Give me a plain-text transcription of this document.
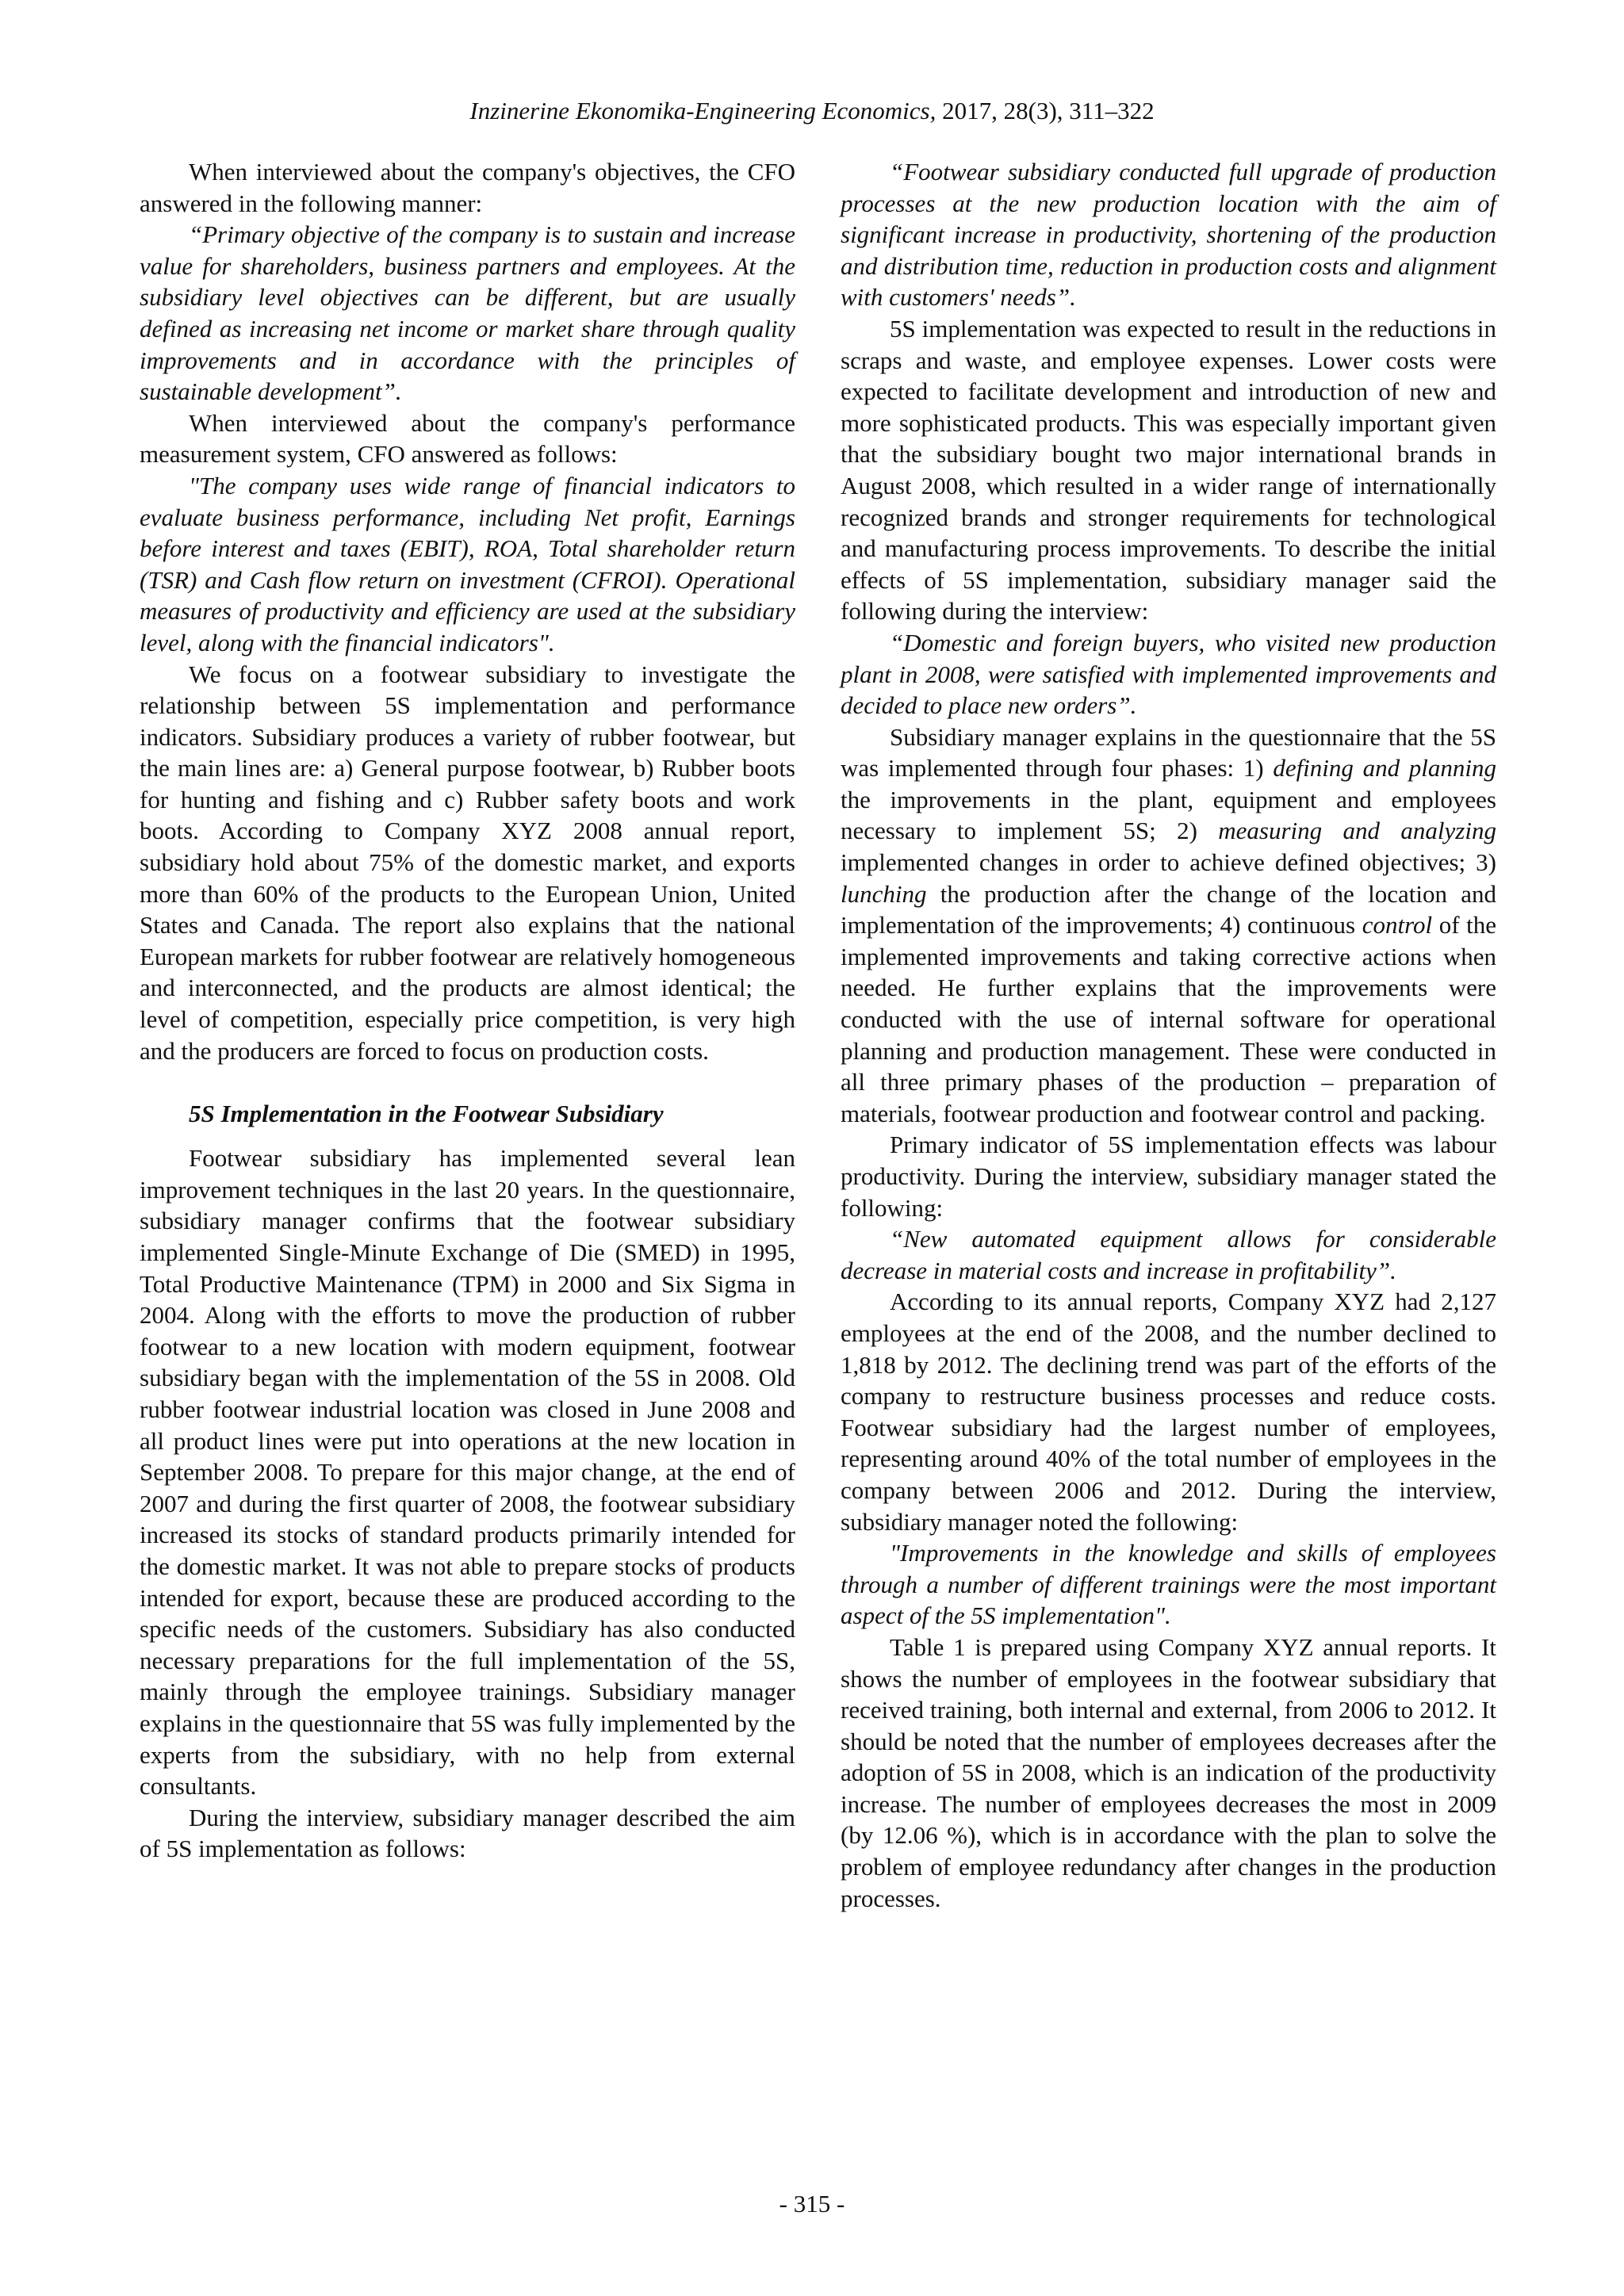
Inzinerine Ekonomika-Engineering Economics, 2017, 28(3), 311–322

When interviewed about the company's objectives, the CFO answered in the following manner:

“Primary objective of the company is to sustain and increase value for shareholders, business partners and employees. At the subsidiary level objectives can be different, but are usually defined as increasing net income or market share through quality improvements and in accordance with the principles of sustainable development”.

When interviewed about the company's performance measurement system, CFO answered as follows:

"The company uses wide range of financial indicators to evaluate business performance, including Net profit, Earnings before interest and taxes (EBIT), ROA, Total shareholder return (TSR) and Cash flow return on investment (CFROI). Operational measures of productivity and efficiency are used at the subsidiary level, along with the financial indicators".

We focus on a footwear subsidiary to investigate the relationship between 5S implementation and performance indicators. Subsidiary produces a variety of rubber footwear, but the main lines are: a) General purpose footwear, b) Rubber boots for hunting and fishing and c) Rubber safety boots and work boots. According to Company XYZ 2008 annual report, subsidiary hold about 75% of the domestic market, and exports more than 60% of the products to the European Union, United States and Canada. The report also explains that the national European markets for rubber footwear are relatively homogeneous and interconnected, and the products are almost identical; the level of competition, especially price competition, is very high and the producers are forced to focus on production costs.

5S Implementation in the Footwear Subsidiary

Footwear subsidiary has implemented several lean improvement techniques in the last 20 years. In the questionnaire, subsidiary manager confirms that the footwear subsidiary implemented Single-Minute Exchange of Die (SMED) in 1995, Total Productive Maintenance (TPM) in 2000 and Six Sigma in 2004. Along with the efforts to move the production of rubber footwear to a new location with modern equipment, footwear subsidiary began with the implementation of the 5S in 2008. Old rubber footwear industrial location was closed in June 2008 and all product lines were put into operations at the new location in September 2008. To prepare for this major change, at the end of 2007 and during the first quarter of 2008, the footwear subsidiary increased its stocks of standard products primarily intended for the domestic market. It was not able to prepare stocks of products intended for export, because these are produced according to the specific needs of the customers. Subsidiary has also conducted necessary preparations for the full implementation of the 5S, mainly through the employee trainings. Subsidiary manager explains in the questionnaire that 5S was fully implemented by the experts from the subsidiary, with no help from external consultants.

During the interview, subsidiary manager described the aim of 5S implementation as follows:

“Footwear subsidiary conducted full upgrade of production processes at the new production location with the aim of significant increase in productivity, shortening of the production and distribution time, reduction in production costs and alignment with customers' needs”.

5S implementation was expected to result in the reductions in scraps and waste, and employee expenses. Lower costs were expected to facilitate development and introduction of new and more sophisticated products. This was especially important given that the subsidiary bought two major international brands in August 2008, which resulted in a wider range of internationally recognized brands and stronger requirements for technological and manufacturing process improvements. To describe the initial effects of 5S implementation, subsidiary manager said the following during the interview:

“Domestic and foreign buyers, who visited new production plant in 2008, were satisfied with implemented improvements and decided to place new orders”.

Subsidiary manager explains in the questionnaire that the 5S was implemented through four phases: 1) defining and planning the improvements in the plant, equipment and employees necessary to implement 5S; 2) measuring and analyzing implemented changes in order to achieve defined objectives; 3) lunching the production after the change of the location and implementation of the improvements; 4) continuous control of the implemented improvements and taking corrective actions when needed. He further explains that the improvements were conducted with the use of internal software for operational planning and production management. These were conducted in all three primary phases of the production – preparation of materials, footwear production and footwear control and packing.

Primary indicator of 5S implementation effects was labour productivity. During the interview, subsidiary manager stated the following:

“New automated equipment allows for considerable decrease in material costs and increase in profitability”.

According to its annual reports, Company XYZ had 2,127 employees at the end of the 2008, and the number declined to 1,818 by 2012. The declining trend was part of the efforts of the company to restructure business processes and reduce costs. Footwear subsidiary had the largest number of employees, representing around 40% of the total number of employees in the company between 2006 and 2012. During the interview, subsidiary manager noted the following:

"Improvements in the knowledge and skills of employees through a number of different trainings were the most important aspect of the 5S implementation".

Table 1 is prepared using Company XYZ annual reports. It shows the number of employees in the footwear subsidiary that received training, both internal and external, from 2006 to 2012. It should be noted that the number of employees decreases after the adoption of 5S in 2008, which is an indication of the productivity increase. The number of employees decreases the most in 2009 (by 12.06 %), which is in accordance with the plan to solve the problem of employee redundancy after changes in the production processes.

- 315 -
